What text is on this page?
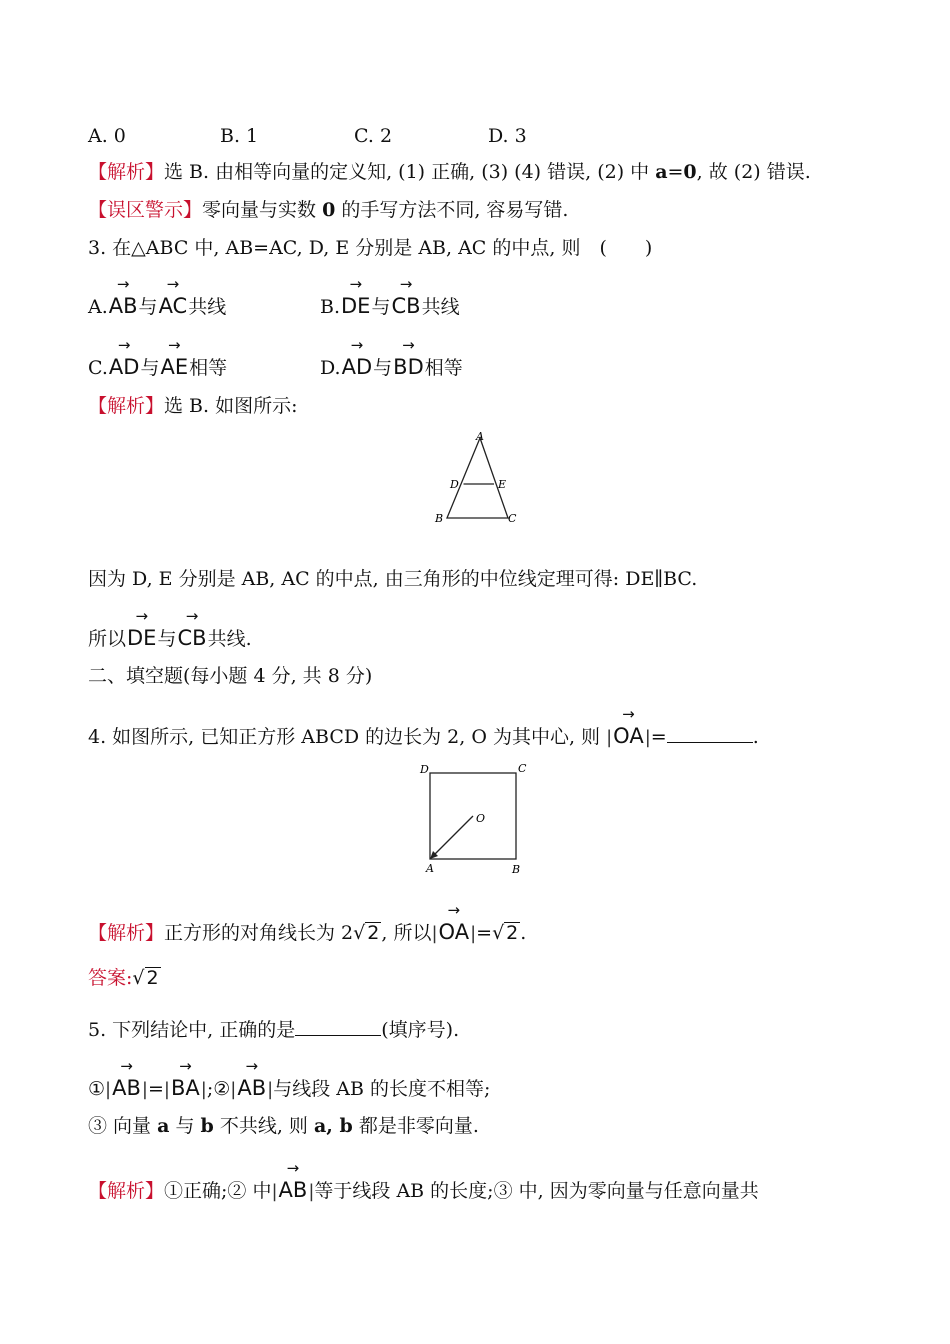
A. 0	B. 1	C. 2	D. 3
【解析】选 B. 由相等向量的定义知, (1) 正确, (3) (4) 错误, (2) 中 a=0, 故 (2) 错误.
【误区警示】零向量与实数 0 的手写方法不同, 容易写错.
3. 在△ABC 中, AB=AC, D, E 分别是 AB, AC 的中点, 则　(　　)
A.→ AB与→ AC共线	B.→ DE与→ CB共线
C.→ AD与→ AE相等	D.→ AD与→ BD相等
【解析】选 B. 如图所示:
A
D	E
B	C
因为 D, E 分别是 AB, AC 的中点, 由三角形的中位线定理可得: DE∥BC.
所以→ DE与→ CB共线.
二、填空题(每小题 4 分, 共 8 分)
4. 如图所示, 已知正方形 ABCD 的边长为 2, O 为其中心, 则 |→ OA|=	.
D	C
O
A	B
【解析】正方形的对角线长为 2√ 2 , 所以|→ OA|=√ 2 .
答案:√ 2
5. 下列结论中, 正确的是	(填序号).
①|→ AB|=|→ BA|;②|→ AB|与线段 AB 的长度不相等;
③ 向量 a 与 b 不共线, 则 a, b 都是非零向量.
【解析】①正确;② 中|→ AB|等于线段 AB 的长度;③ 中, 因为零向量与任意向量共
